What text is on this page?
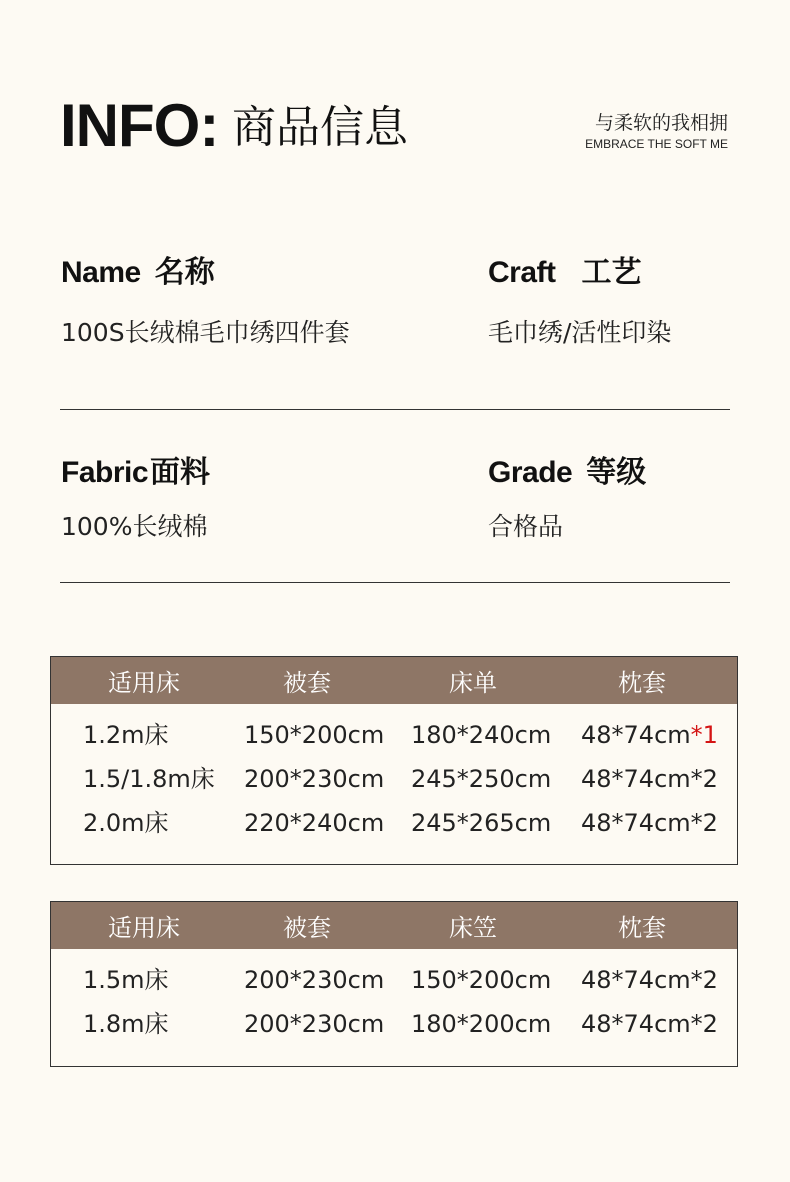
INFO: 商品信息	与柔软的我相拥
EMBRACE THE SOFT ME
Name 名称
100S长绒棉毛巾绣四件套
Craft 工艺
毛巾绣/活性印染
Fabric面料
100%长绒棉
Grade 等级
合格品
适用床	被套	床单	枕套
1.2m床	150*200cm 180*240cm 48*74cm*1
1.5/1.8m床 200*230cm 245*250cm 48*74cm*2
2.0m床	220*240cm 245*265cm 48*74cm*2
适用床	被套	床笠	枕套
1.5m床	200*230cm 150*200cm 48*74cm*2
1.8m床	200*230cm 180*200cm 48*74cm*2
